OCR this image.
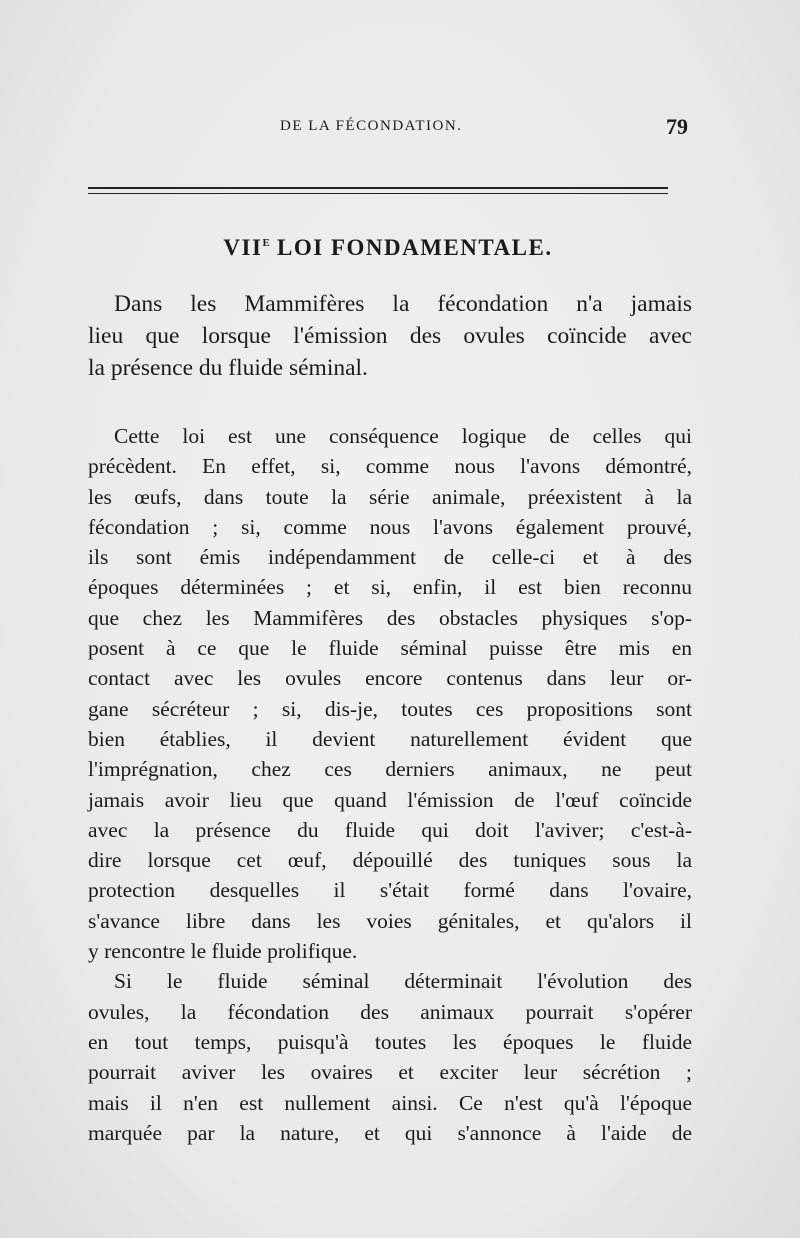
DE LA FÉCONDATION.	79
$VII^E$ LOI FONDAMENTALE.
Dans les Mammifères la fécondation n'a jamais
lieu que lorsque l'émission des ovules coïncide avec
la présence du fluide séminal.
Cette loi est une conséquence logique de celles qui
précèdent. En effet, si, comme nous l'avons démontré,
les œufs, dans toute la série animale, préexistent à la
fécondation ; si, comme nous l'avons également prouvé,
ils sont émis indépendamment de celle-ci et à des
époques déterminées ; et si, enfin, il est bien reconnu
que chez les Mammifères des obstacles physiques s'op-
posent à ce que le fluide séminal puisse être mis en
contact avec les ovules encore contenus dans leur or-
gane sécréteur ; si, dis-je, toutes ces propositions sont
bien établies, il devient naturellement évident que
l'imprégnation, chez ces derniers animaux, ne peut
jamais avoir lieu que quand l'émission de l'œuf coïncide
avec la présence du fluide qui doit l'aviver; c'est-à-
dire lorsque cet œuf, dépouillé des tuniques sous la
protection desquelles il s'était formé dans l'ovaire,
s'avance libre dans les voies génitales, et qu'alors il
y rencontre le fluide prolifique.
Si le fluide séminal déterminait l'évolution des
ovules, la fécondation des animaux pourrait s'opérer
en tout temps, puisqu'à toutes les époques le fluide
pourrait aviver les ovaires et exciter leur sécrétion ;
mais il n'en est nullement ainsi. Ce n'est qu'à l'époque
marquée par la nature, et qui s'annonce à l'aide de
